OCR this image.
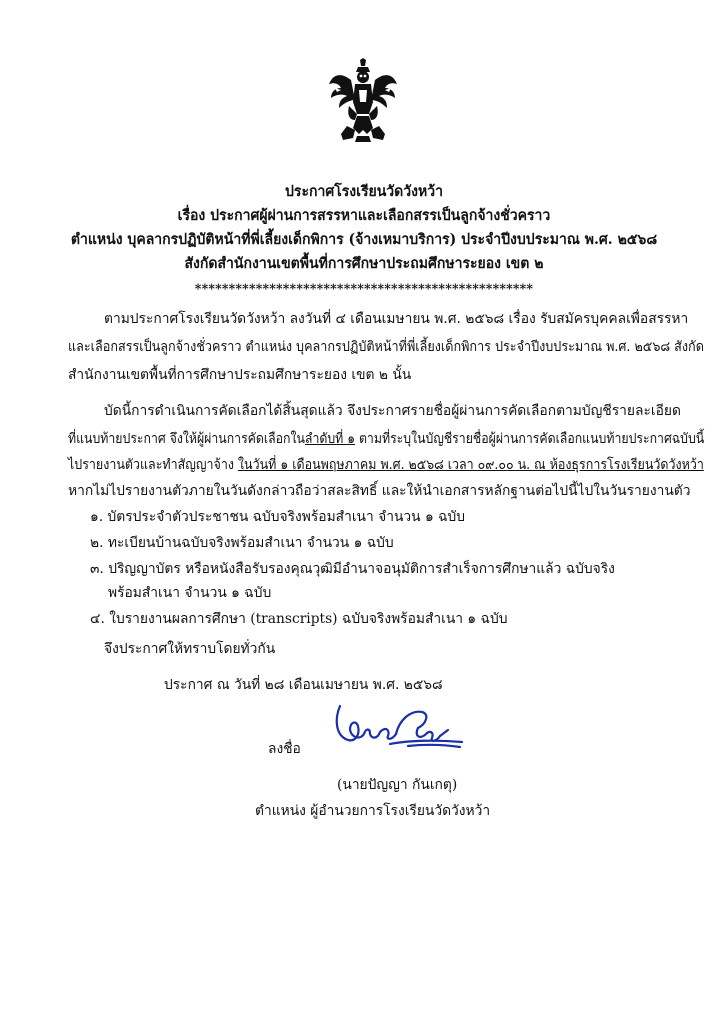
ประกาศโรงเรียนวัดวังหว้า
เรื่อง ประกาศผู้ผ่านการสรรหาและเลือกสรรเป็นลูกจ้างชั่วคราว
ตำแหน่ง บุคลากรปฏิบัติหน้าที่พี่เลี้ยงเด็กพิการ (จ้างเหมาบริการ) ประจำปีงบประมาณ พ.ศ. ๒๕๖๘
สังกัดสำนักงานเขตพื้นที่การศึกษาประถมศึกษาระยอง เขต ๒
**************************************************
ตามประกาศโรงเรียนวัดวังหว้า ลงวันที่ ๔ เดือนเมษายน พ.ศ. ๒๕๖๘ เรื่อง รับสมัครบุคคลเพื่อสรรหา
และเลือกสรรเป็นลูกจ้างชั่วคราว ตำแหน่ง บุคลากรปฏิบัติหน้าที่พี่เลี้ยงเด็กพิการ ประจำปีงบประมาณ พ.ศ. ๒๕๖๘ สังกัด
สำนักงานเขตพื้นที่การศึกษาประถมศึกษาระยอง เขต ๒ นั้น
บัดนี้การดำเนินการคัดเลือกได้สิ้นสุดแล้ว จึงประกาศรายชื่อผู้ผ่านการคัดเลือกตามบัญชีรายละเอียด
ที่แนบท้ายประกาศ จึงให้ผู้ผ่านการคัดเลือกในลำดับที่ ๑ ตามที่ระบุในบัญชีรายชื่อผู้ผ่านการคัดเลือกแนบท้ายประกาศฉบับนี้
ไปรายงานตัวและทำสัญญาจ้าง ในวันที่ ๑ เดือนพฤษภาคม พ.ศ. ๒๕๖๘ เวลา ๐๙.๐๐ น. ณ ห้องธุรการโรงเรียนวัดวังหว้า
หากไม่ไปรายงานตัวภายในวันดังกล่าวถือว่าสละสิทธิ์ และให้นำเอกสารหลักฐานต่อไปนี้ไปในวันรายงานตัว
๑. บัตรประจำตัวประชาชน ฉบับจริงพร้อมสำเนา จำนวน ๑ ฉบับ
๒. ทะเบียนบ้านฉบับจริงพร้อมสำเนา จำนวน ๑ ฉบับ
๓. ปริญญาบัตร หรือหนังสือรับรองคุณวุฒิมีอำนาจอนุมัติการสำเร็จการศึกษาแล้ว ฉบับจริง
พร้อมสำเนา จำนวน ๑ ฉบับ
๔. ใบรายงานผลการศึกษา (transcripts) ฉบับจริงพร้อมสำเนา ๑ ฉบับ
จึงประกาศให้ทราบโดยทั่วกัน
ประกาศ ณ วันที่ ๒๘ เดือนเมษายน พ.ศ. ๒๕๖๘
ลงชื่อ
(นายปัญญา กันเกตุ)
ตำแหน่ง ผู้อำนวยการโรงเรียนวัดวังหว้า
